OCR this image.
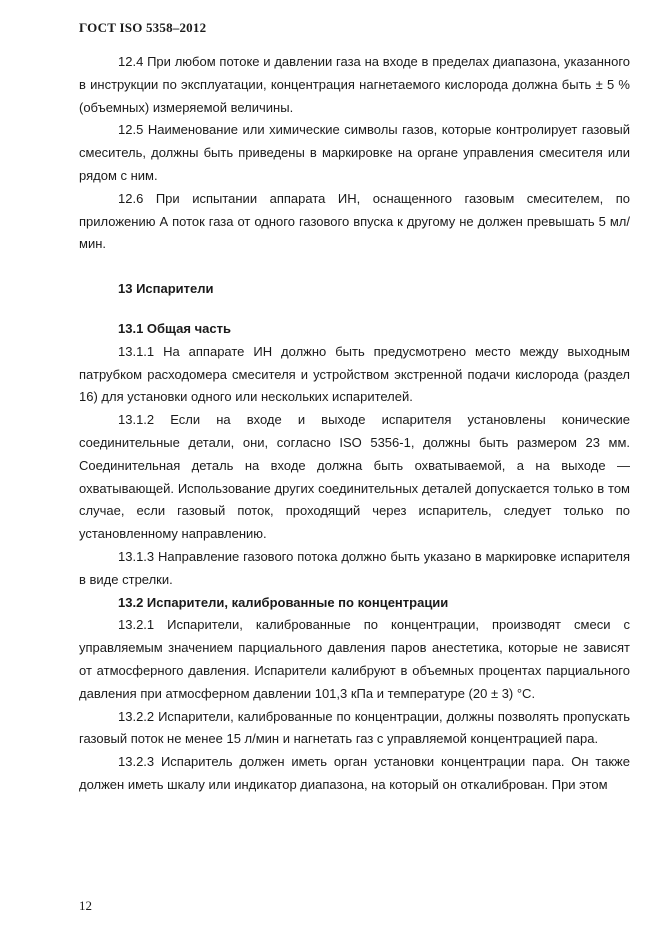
ГОСТ ISO 5358–2012

12.4 При любом потоке и давлении газа на входе в пределах диапазона, указанного в инструкции по эксплуатации, концентрация нагнетаемого кислорода должна быть ± 5 % (объемных) измеряемой величины.

12.5 Наименование или химические символы газов, которые контролирует газовый смеситель, должны быть приведены в маркировке на органе управления смесителя или рядом с ним.

12.6 При испытании аппарата ИН, оснащенного газовым смесителем, по приложению А поток газа от одного газового впуска к другому не должен превышать 5 мл/мин.

13 Испарители

13.1 Общая часть

13.1.1 На аппарате ИН должно быть предусмотрено место между выходным патрубком расходомера смесителя и устройством экстренной подачи кислорода (раздел 16) для установки одного или нескольких испарителей.

13.1.2 Если на входе и выходе испарителя установлены конические соединительные детали, они, согласно ISO 5356-1, должны быть размером 23 мм. Соединительная деталь на входе должна быть охватываемой, а на выходе — охватывающей. Использование других соединительных деталей допускается только в том случае, если газовый поток, проходящий через испаритель, следует только по установленному направлению.

13.1.3 Направление газового потока должно быть указано в маркировке испарителя в виде стрелки.

13.2 Испарители, калиброванные по концентрации

13.2.1 Испарители, калиброванные по концентрации, производят смеси с управляемым значением парциального давления паров анестетика, которые не зависят от атмосферного давления. Испарители калибруют в объемных процентах парциального давления при атмосферном давлении 101,3 кПа и температуре (20 ± 3) °С.

13.2.2 Испарители, калиброванные по концентрации, должны позволять пропускать газовый поток не менее 15 л/мин и нагнетать газ с управляемой концентрацией пара.

13.2.3 Испаритель должен иметь орган установки концентрации пара. Он также должен иметь шкалу или индикатор диапазона, на который он откалиброван. При этом

12
